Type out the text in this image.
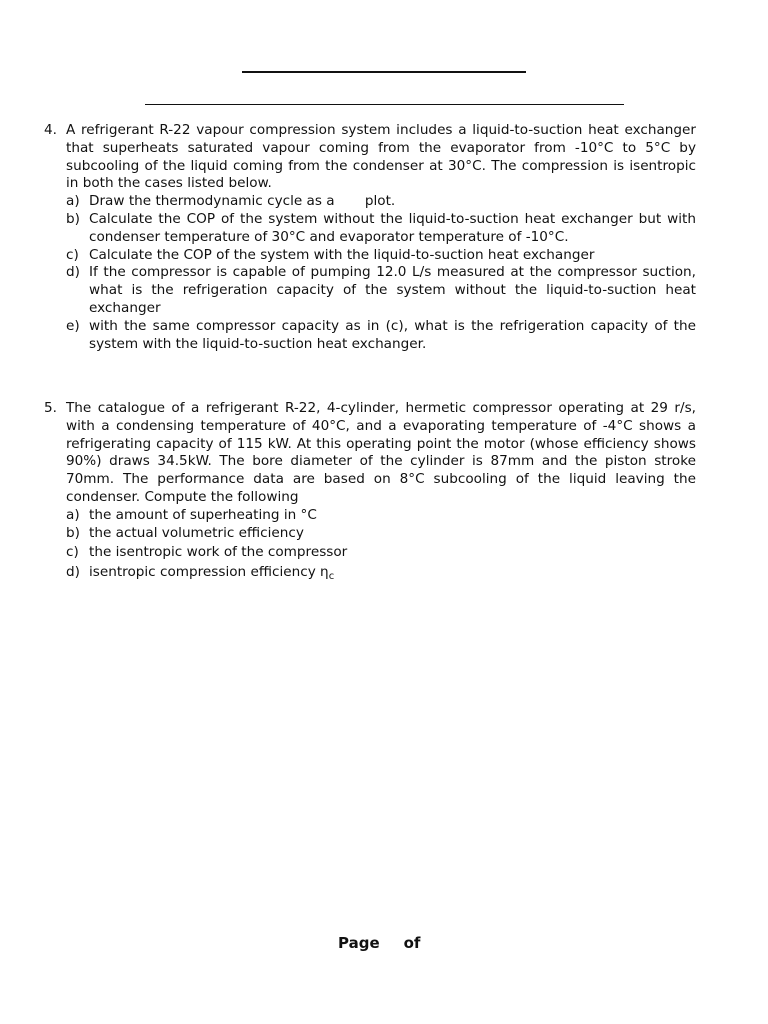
4. A refrigerant R-22 vapour compression system includes a liquid-to-suction heat exchanger that superheats saturated vapour coming from the evaporator from -10°C to 5°C by subcooling of the liquid coming from the condenser at 30°C. The compression is isentropic in both the cases listed below.
a) Draw the thermodynamic cycle as a       plot.
b) Calculate the COP of the system without the liquid-to-suction heat exchanger but with condenser temperature of 30°C and evaporator temperature of -10°C.
c) Calculate the COP of the system with the liquid-to-suction heat exchanger
d) If the compressor is capable of pumping 12.0 L/s measured at the compressor suction, what is the refrigeration capacity of the system without the liquid-to-suction heat exchanger
e) with the same compressor capacity as in (c), what is the refrigeration capacity of the system with the liquid-to-suction heat exchanger.
5. The catalogue of a refrigerant R-22, 4-cylinder, hermetic compressor operating at 29 r/s, with a condensing temperature of 40°C, and a evaporating temperature of -4°C shows a refrigerating capacity of 115 kW. At this operating point the motor (whose efficiency shows 90%) draws 34.5kW. The bore diameter of the cylinder is 87mm and the piston stroke 70mm. The performance data are based on 8°C subcooling of the liquid leaving the condenser. Compute the following
a) the amount of superheating in °C
b) the actual volumetric efficiency
c) the isentropic work of the compressor
d) isentropic compression efficiency $\eta_c$
Page of
